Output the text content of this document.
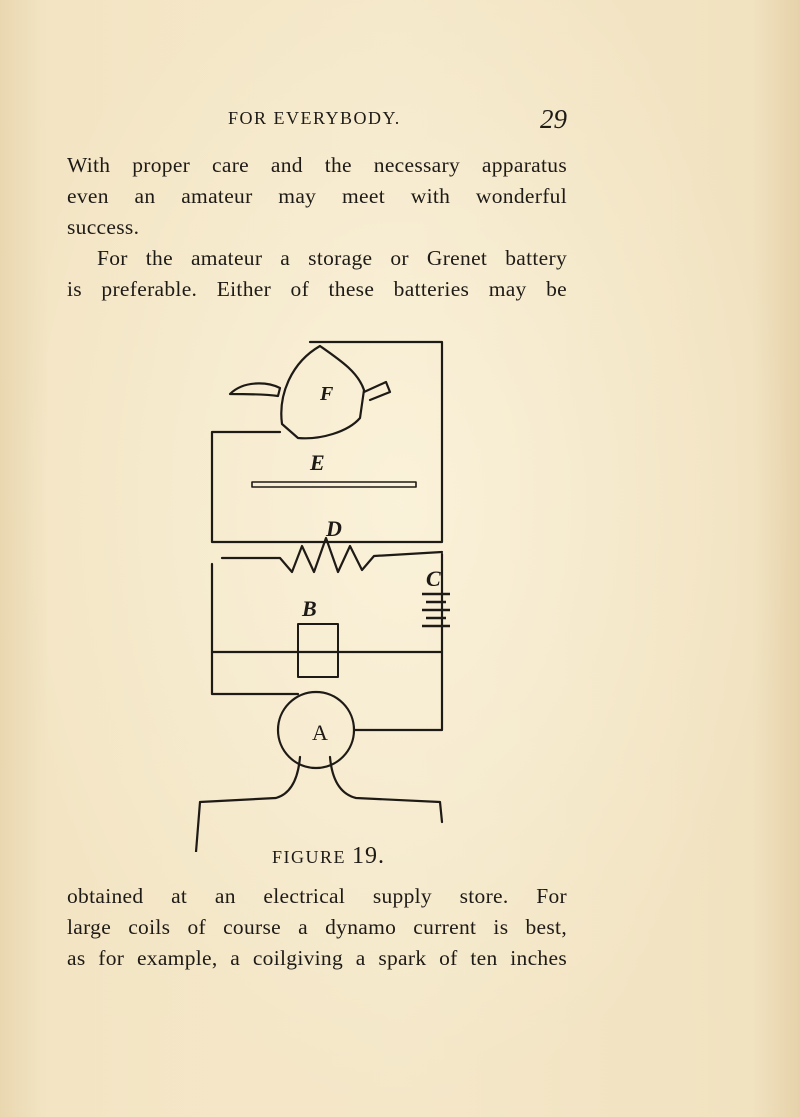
FOR EVERYBODY.	29

With proper care and the necessary apparatus

even an amateur may meet with wonderful

success.

For the amateur a storage or Grenet battery

is preferable. Either of these batteries may be

F
E
D
B
C
A
FIGURE 19.

obtained at an electrical supply store. For

large coils of course a dynamo current is best,

as for example, a coilgiving a spark of ten inches
